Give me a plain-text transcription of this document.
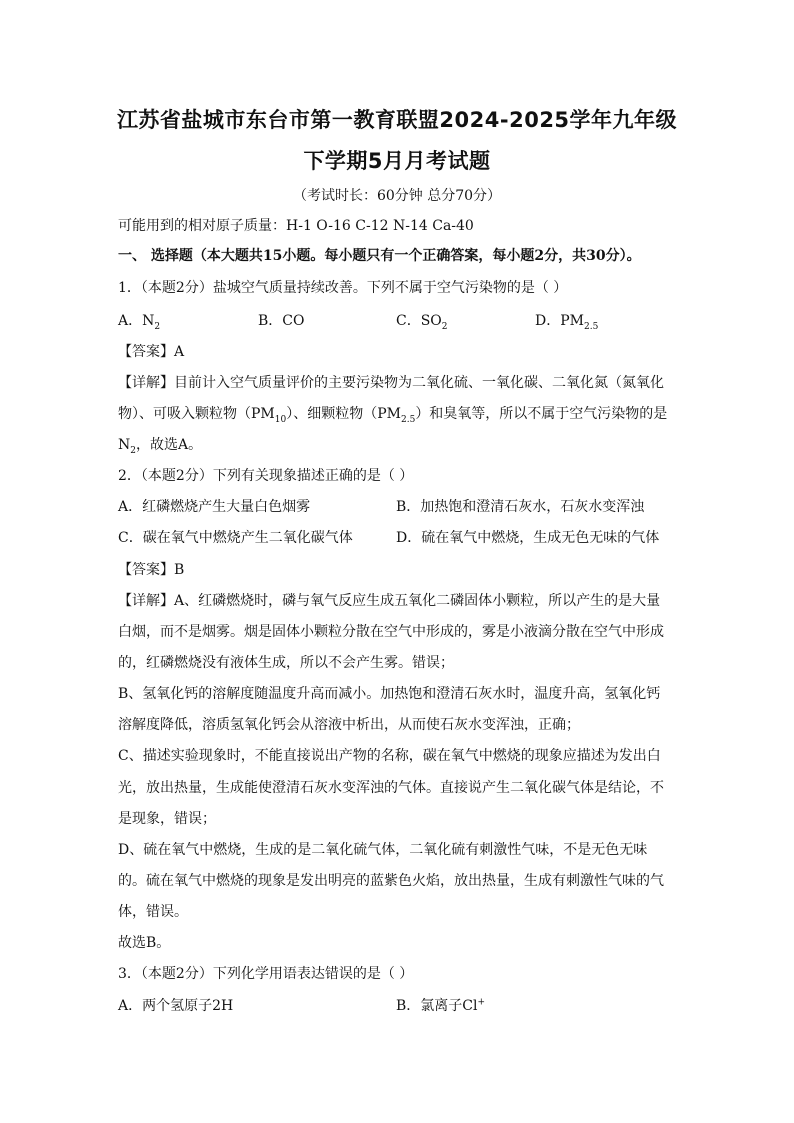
江苏省盐城市东台市第一教育联盟2024-2025学年九年级
下学期5月月考试题
（考试时长：60分钟 总分70分）
可能用到的相对原子质量：H-1 O-16 C-12 N-14 Ca-40
一、 选择题（本大题共15小题。每小题只有一个正确答案，每小题2分，共30分）。
1．（本题2分）盐城空气质量持续改善。下列不属于空气污染物的是（ ）
A．$N_2$	B．CO	C．$SO_2$	D．$PM_{2.5}$
【答案】A
【详解】目前计入空气质量评价的主要污染物为二氧化硫、一氧化碳、二氧化氮（氮氧化
物）、可吸入颗粒物$(PM_{10})$、细颗粒物$(PM_{2.5})$和臭氧等，所以不属于空气污染物的是
$N_2$，故选A。
2．（本题2分）下列有关现象描述正确的是（ ）
A．红磷燃烧产生大量白色烟雾	B．加热饱和澄清石灰水，石灰水变浑浊
C．碳在氧气中燃烧产生二氧化碳气体	D．硫在氧气中燃烧，生成无色无味的气体
【答案】B
【详解】A、红磷燃烧时，磷与氧气反应生成五氧化二磷固体小颗粒，所以产生的是大量
白烟，而不是烟雾。烟是固体小颗粒分散在空气中形成的，雾是小液滴分散在空气中形成
的，红磷燃烧没有液体生成，所以不会产生雾。错误；
B、氢氧化钙的溶解度随温度升高而减小。加热饱和澄清石灰水时，温度升高，氢氧化钙
溶解度降低，溶质氢氧化钙会从溶液中析出，从而使石灰水变浑浊，正确；
C、描述实验现象时，不能直接说出产物的名称，碳在氧气中燃烧的现象应描述为发出白
光，放出热量，生成能使澄清石灰水变浑浊的气体。直接说产生二氧化碳气体是结论，不
是现象，错误；
D、硫在氧气中燃烧，生成的是二氧化硫气体，二氧化硫有刺激性气味，不是无色无味
的。硫在氧气中燃烧的现象是发出明亮的蓝紫色火焰，放出热量，生成有刺激性气味的气
体，错误。
故选B。
3．（本题2分）下列化学用语表达错误的是（ ）
A．两个氢原子2H	B．氯离子Cl+
